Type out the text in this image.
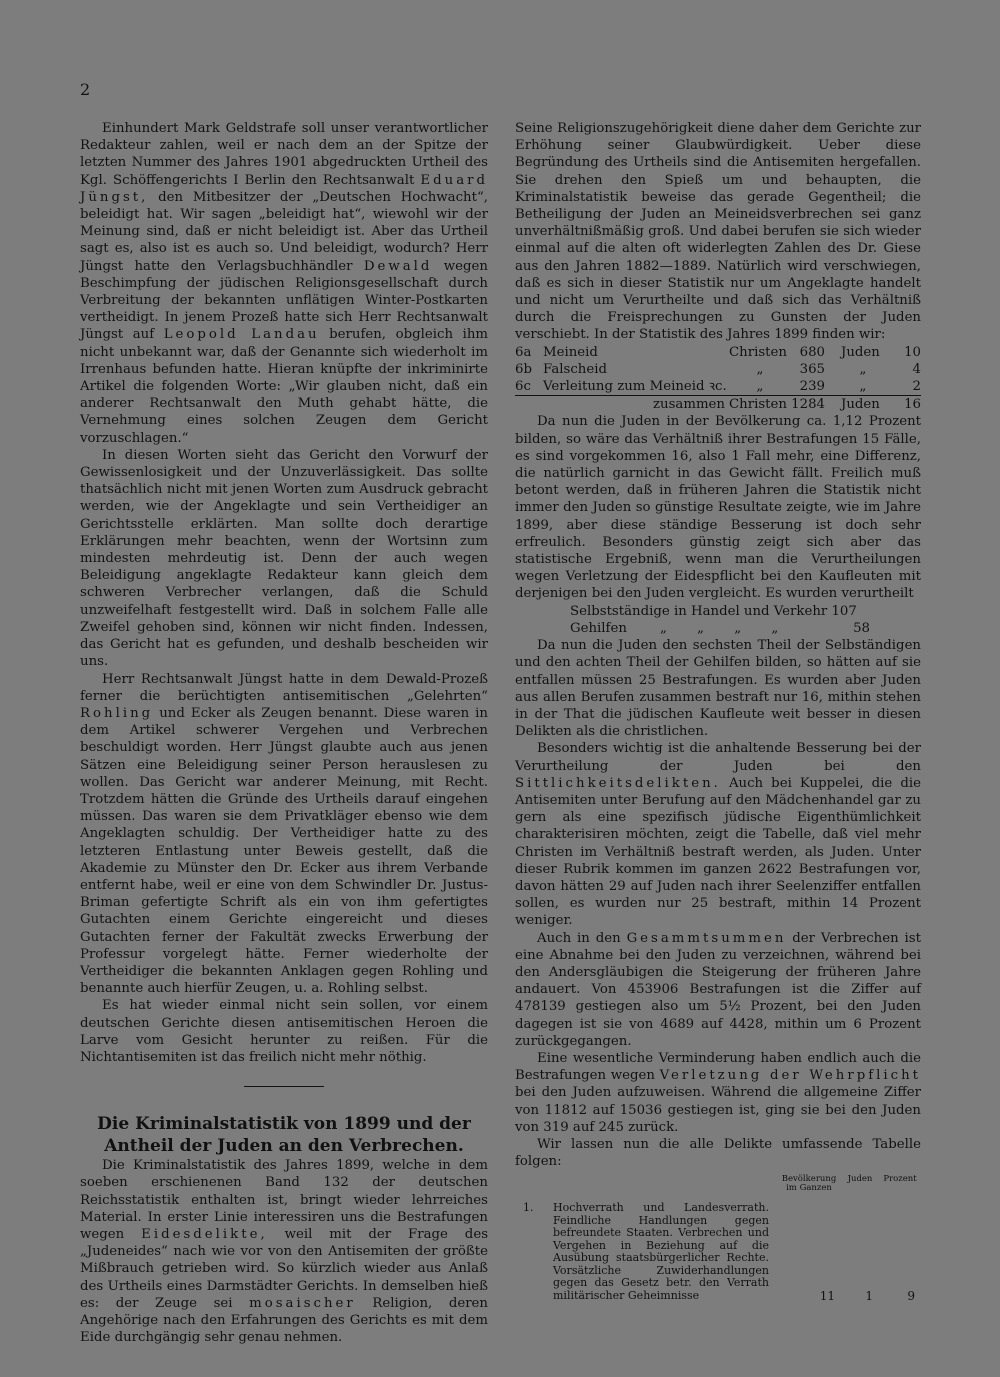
2

Einhundert Mark Geldstrafe soll unser verantwortlicher Redakteur zahlen, weil er nach dem an der Spitze der letzten Nummer des Jahres 1901 abgedruckten Urtheil des Kgl. Schöffengerichts I Berlin den Rechtsanwalt Eduard Jüngst, den Mitbesitzer der „Deutschen Hochwacht“, beleidigt hat. Wir sagen „beleidigt hat“, wiewohl wir der Meinung sind, daß er nicht beleidigt ist. Aber das Urtheil sagt es, also ist es auch so. Und beleidigt, wodurch? Herr Jüngst hatte den Verlagsbuchhändler Dewald wegen Beschimpfung der jüdischen Religionsgesellschaft durch Verbreitung der bekannten unflätigen Winter-Postkarten vertheidigt. In jenem Prozeß hatte sich Herr Rechtsanwalt Jüngst auf Leopold Landau berufen, obgleich ihm nicht unbekannt war, daß der Genannte sich wiederholt im Irrenhaus befunden hatte. Hieran knüpfte der inkriminirte Artikel die folgenden Worte: „Wir glauben nicht, daß ein anderer Rechtsanwalt den Muth gehabt hätte, die Vernehmung eines solchen Zeugen dem Gericht vorzuschlagen.“

In diesen Worten sieht das Gericht den Vorwurf der Gewissenlosigkeit und der Unzuverlässigkeit. Das sollte thatsächlich nicht mit jenen Worten zum Ausdruck gebracht werden, wie der Angeklagte und sein Vertheidiger an Gerichtsstelle erklärten. Man sollte doch derartige Erklärungen mehr beachten, wenn der Wortsinn zum mindesten mehrdeutig ist. Denn der auch wegen Beleidigung angeklagte Redakteur kann gleich dem schweren Verbrecher verlangen, daß die Schuld unzweifelhaft festgestellt wird. Daß in solchem Falle alle Zweifel gehoben sind, können wir nicht finden. Indessen, das Gericht hat es gefunden, und deshalb bescheiden wir uns.

Herr Rechtsanwalt Jüngst hatte in dem Dewald-Prozeß ferner die berüchtigten antisemitischen „Gelehrten“ Rohling und Ecker als Zeugen benannt. Diese waren in dem Artikel schwerer Vergehen und Verbrechen beschuldigt worden. Herr Jüngst glaubte auch aus jenen Sätzen eine Beleidigung seiner Person herauslesen zu wollen. Das Gericht war anderer Meinung, mit Recht. Trotzdem hätten die Gründe des Urtheils darauf eingehen müssen. Das waren sie dem Privatkläger ebenso wie dem Angeklagten schuldig. Der Vertheidiger hatte zu des letzteren Entlastung unter Beweis gestellt, daß die Akademie zu Münster den Dr. Ecker aus ihrem Verbande entfernt habe, weil er eine von dem Schwindler Dr. Justus-Briman gefertigte Schrift als ein von ihm gefertigtes Gutachten einem Gerichte eingereicht und dieses Gutachten ferner der Fakultät zwecks Erwerbung der Professur vorgelegt hätte. Ferner wiederholte der Vertheidiger die bekannten Anklagen gegen Rohling und benannte auch hierfür Zeugen, u. a. Rohling selbst.

Es hat wieder einmal nicht sein sollen, vor einem deutschen Gerichte diesen antisemitischen Heroen die Larve vom Gesicht herunter zu reißen. Für die Nichtantisemiten ist das freilich nicht mehr nöthig.

Die Kriminalstatistik von 1899 und der Antheil der Juden an den Verbrechen.

Die Kriminalstatistik des Jahres 1899, welche in dem soeben erschienenen Band 132 der deutschen Reichsstatistik enthalten ist, bringt wieder lehrreiches Material. In erster Linie interessiren uns die Bestrafungen wegen Eidesdelikte, weil mit der Frage des „Judeneides“ nach wie vor von den Antisemiten der größte Mißbrauch getrieben wird. So kürzlich wieder aus Anlaß des Urtheils eines Darmstädter Gerichts. In demselben hieß es: der Zeuge sei mosaischer Religion, deren Angehörige nach den Erfahrungen des Gerichts es mit dem Eide durchgängig sehr genau nehmen.

Seine Religionszugehörigkeit diene daher dem Gerichte zur Erhöhung seiner Glaubwürdigkeit. Ueber diese Begründung des Urtheils sind die Antisemiten hergefallen. Sie drehen den Spieß um und behaupten, die Kriminalstatistik beweise das gerade Gegentheil; die Betheiligung der Juden an Meineidsverbrechen sei ganz unverhältnißmäßig groß. Und dabei berufen sie sich wieder einmal auf die alten oft widerlegten Zahlen des Dr. Giese aus den Jahren 1882—1889. Natürlich wird verschwiegen, daß es sich in dieser Statistik nur um Angeklagte handelt und nicht um Verurtheilte und daß sich das Verhältniß durch die Freisprechungen zu Gunsten der Juden verschiebt. In der Statistik des Jahres 1899 finden wir:

6a	Meineid	Christen	680	Juden	10
6b	Falscheid	„	365	„	4
6c	Verleitung zum Meineid ꝛc.	„	239	„	2
	zusammen	Christen	1284	Juden	16

Da nun die Juden in der Bevölkerung ca. 1,12 Prozent bilden, so wäre das Verhältniß ihrer Bestrafungen 15 Fälle, es sind vorgekommen 16, also 1 Fall mehr, eine Differenz, die natürlich garnicht in das Gewicht fällt. Freilich muß betont werden, daß in früheren Jahren die Statistik nicht immer den Juden so günstige Resultate zeigte, wie im Jahre 1899, aber diese ständige Besserung ist doch sehr erfreulich. Besonders günstig zeigt sich aber das statistische Ergebniß, wenn man die Verurtheilungen wegen Verletzung der Eidespflicht bei den Kaufleuten mit derjenigen bei den Juden vergleicht. Es wurden verurtheilt

Selbstständige in Handel und Verkehr 107
Gehilfen	„ „ „ „	58

Da nun die Juden den sechsten Theil der Selbständigen und den achten Theil der Gehilfen bilden, so hätten auf sie entfallen müssen 25 Bestrafungen. Es wurden aber Juden aus allen Berufen zusammen bestraft nur 16, mithin stehen in der That die jüdischen Kaufleute weit besser in diesen Delikten als die christlichen.

Besonders wichtig ist die anhaltende Besserung bei der Verurtheilung der Juden bei den Sittlichkeitsdelikten. Auch bei Kuppelei, die die Antisemiten unter Berufung auf den Mädchenhandel gar zu gern als eine spezifisch jüdische Eigenthümlichkeit charakterisiren möchten, zeigt die Tabelle, daß viel mehr Christen im Verhältniß bestraft werden, als Juden. Unter dieser Rubrik kommen im ganzen 2622 Bestrafungen vor, davon hätten 29 auf Juden nach ihrer Seelenziffer entfallen sollen, es wurden nur 25 bestraft, mithin 14 Prozent weniger.

Auch in den Gesammtsummen der Verbrechen ist eine Abnahme bei den Juden zu verzeichnen, während bei den Andersgläubigen die Steigerung der früheren Jahre andauert. Von 453906 Bestrafungen ist die Ziffer auf 478139 gestiegen also um 5½ Prozent, bei den Juden dagegen ist sie von 4689 auf 4428, mithin um 6 Prozent zurückgegangen.

Eine wesentliche Verminderung haben endlich auch die Bestrafungen wegen Verletzung der Wehrpflicht bei den Juden aufzuweisen. Während die allgemeine Ziffer von 11812 auf 15036 gestiegen ist, ging sie bei den Juden von 319 auf 245 zurück.

Wir lassen nun die alle Delikte umfassende Tabelle folgen:

		Bevölkerung im Ganzen	Juden	Prozent
1.	Hochverrath und Landesverrath. Feindliche Handlungen gegen befreundete Staaten. Verbrechen und Vergehen in Beziehung auf die Ausübung staatsbürgerlicher Rechte. Vorsätzliche Zuwiderhandlungen gegen das Gesetz betr. den Verrath militärischer Geheimnisse	11	1	9
